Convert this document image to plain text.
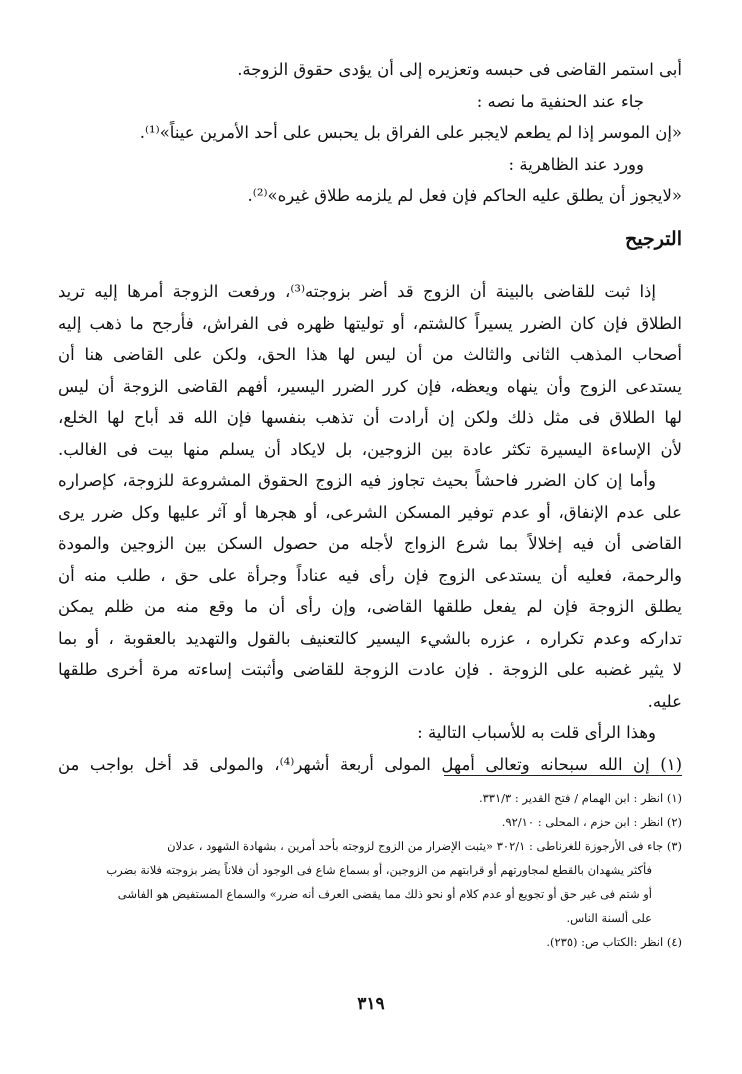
أبى استمر القاضى فى حبسه وتعزيره إلى أن يؤدى حقوق الزوجة.
جاء عند الحنفية ما نصه :
«إن الموسر إذا لم يطعم لايجبر على الفراق بل يحبس على أحد الأمرين عيناً»⁽¹⁾.
وورد عند الظاهرية :
«لايجوز أن يطلق عليه الحاكم فإن فعل لم يلزمه طلاق غيره»⁽²⁾.
الترجيح
إذا ثبت للقاضى بالبينة أن الزوج قد أضر بزوجته⁽³⁾، ورفعت الزوجة أمرها إليه تريد
الطلاق فإن كان الضرر يسيراً كالشتم، أو توليتها ظهره فى الفراش، فأرجح ما ذهب إليه
أصحاب المذهب الثانى والثالث من أن ليس لها هذا الحق، ولكن على القاضى هنا أن
يستدعى الزوج وأن ينهاه ويعظه، فإن كرر الضرر اليسير، أفهم القاضى الزوجة أن ليس
لها الطلاق فى مثل ذلك ولكن إن أرادت أن تذهب بنفسها فإن الله قد أباح لها الخلع،
لأن الإساءة اليسيرة تكثر عادة بين الزوجين، بل لايكاد أن يسلم منها بيت فى الغالب.
وأما إن كان الضرر فاحشاً بحيث تجاوز فيه الزوج الحقوق المشروعة للزوجة، كإصراره
على عدم الإنفاق، أو عدم توفير المسكن الشرعى، أو هجرها أو آثر عليها وكل ضرر يرى
القاضى أن فيه إخلالاً بما شرع الزواج لأجله من حصول السكن بين الزوجين والمودة
والرحمة، فعليه أن يستدعى الزوج فإن رأى فيه عناداً وجرأة على حق ، طلب منه أن
يطلق الزوجة فإن لم يفعل طلقها القاضى، وإن رأى أن ما وقع منه من ظلم يمكن
تداركه وعدم تكراره ، عزره بالشيء اليسير كالتعنيف بالقول والتهديد بالعقوبة ، أو بما
لا يثير غضبه على الزوجة . فإن عادت الزوجة للقاضى وأثبتت إساءته مرة أخرى طلقها
عليه.
وهذا الرأى قلت به للأسباب التالية :
(١) إن الله سبحانه وتعالى أمهل المولى أربعة أشهر⁽⁴⁾، والمولى قد أخل بواجب من
(١) انظر : ابن الهمام / فتح القدير : ٣٣١/٣.
(٢) انظر : ابن حزم ، المحلى : ٩٢/١٠.
(٣) جاء فى الأرجوزة للغرناطى : ٣٠٢/١ «يثبت الإضرار من الزوج لزوجته بأحد أمرين ، بشهادة الشهود ، عدلان
فأكثر يشهدان بالقطع لمجاورتهم أو قرابتهم من الزوجين، أو بسماع شاع فى الوجود أن فلاناً يضر بزوجته فلانة بضرب
أو شتم فى غير حق أو تجويع أو عدم كلام أو نحو ذلك مما يقضى العرف أنه ضرر» والسماع المستفيض هو الفاشى
على ألسنة الناس.
(٤) انظر :الكتاب ص: (٢٣٥).
٣١٩
